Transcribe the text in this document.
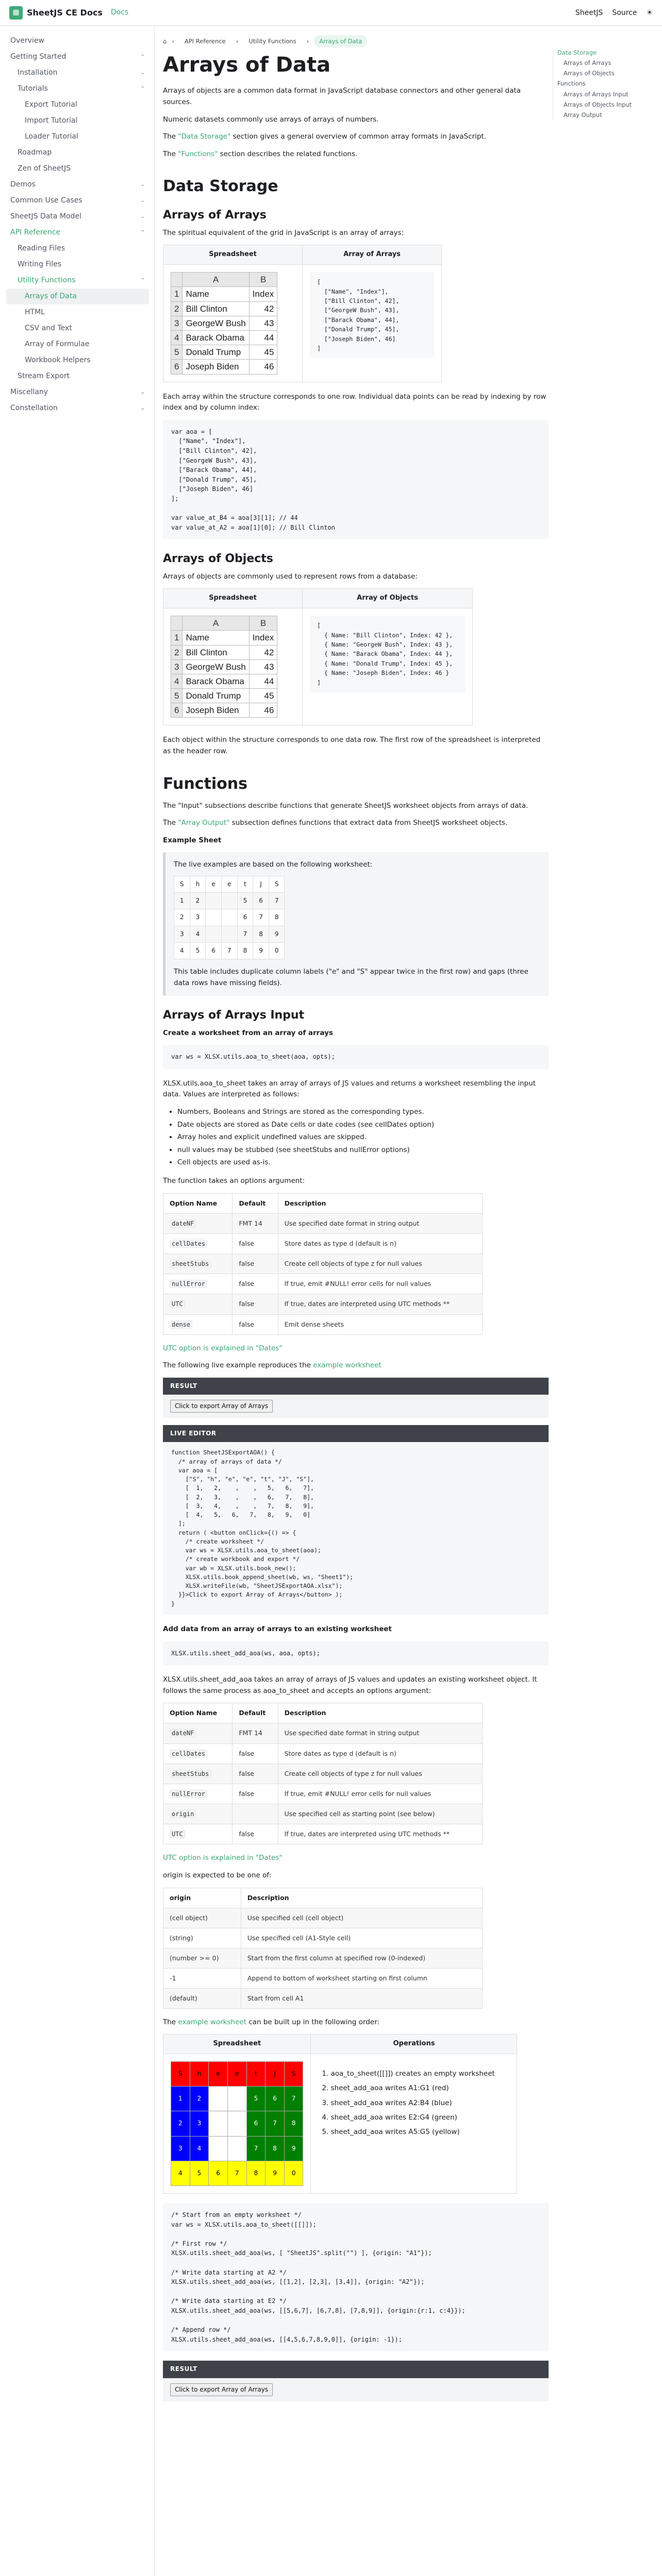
▦ SheetJS CE Docs Docs	SheetJS Source ☀
Overview
Getting Started	⌃
Installation	⌄
Tutorials	⌃
Export Tutorial
Import Tutorial
Loader Tutorial
Roadmap
Zen of SheetJS
Demos	⌄
Common Use Cases	⌄
SheetJS Data Model	⌄
API Reference	⌃
Reading Files
Writing Files
Utility Functions	⌃
Arrays of Data
HTML
CSV and Text
Array of Formulae
Workbook Helpers
Stream Export
Miscellany	⌄
Constellation	⌄
Data Storage
Arrays of Arrays
Arrays of Objects
Functions
Arrays of Arrays Input
Arrays of Objects Input
Array Output
⌂ ›	API Reference	›	Utility Functions	›	Arrays of Data
Arrays of Data

Arrays of objects are a common data format in JavaScript database connectors and other general data sources.

Numeric datasets commonly use arrays of arrays of numbers.

The "Data Storage" section gives a general overview of common array formats in JavaScript.

The "Functions" section describes the related functions.

Data Storage
Arrays of Arrays

The spiritual equivalent of the grid in JavaScript is an array of arrays:

Spreadsheet	Array of Arrays

	A	B
1	Name	Index
2	Bill Clinton	42
3	GeorgeW Bush	43
4	Barack Obama	44
5	Donald Trump	45
6	Joseph Biden	46

[
["Name", "Index"],
["Bill Clinton", 42],
["GeorgeW Bush", 43],
["Barack Obama", 44],
["Donald Trump", 45],
["Joseph Biden", 46]
]

Each array within the structure corresponds to one row. Individual data points can be read by indexing by row index and by column index:

var aoa = [
["Name", "Index"],
["Bill Clinton", 42],
["GeorgeW Bush", 43],
["Barack Obama", 44],
["Donald Trump", 45],
["Joseph Biden", 46]
];

var value_at_B4 = aoa[3][1]; // 44
var value_at_A2 = aoa[1][0]; // Bill Clinton
Arrays of Objects

Arrays of objects are commonly used to represent rows from a database:

Spreadsheet	Array of Objects

	A	B
1	Name	Index
2	Bill Clinton	42
3	GeorgeW Bush	43
4	Barack Obama	44
5	Donald Trump	45
6	Joseph Biden	46

[
{ Name: "Bill Clinton", Index: 42 },
{ Name: "GeorgeW Bush", Index: 43 },
{ Name: "Barack Obama", Index: 44 },
{ Name: "Donald Trump", Index: 45 },
{ Name: "Joseph Biden", Index: 46 }
]

Each object within the structure corresponds to one data row. The first row of the spreadsheet is interpreted as the header row.

Functions

The "Input" subsections describe functions that generate SheetJS worksheet objects from arrays of data.

The "Array Output" subsection defines functions that extract data from SheetJS worksheet objects.

Example Sheet

The live examples are based on the following worksheet:

S	h	e	e	t	J	S
1	2			5	6	7
2	3			6	7	8
3	4			7	8	9
4	5	6	7	8	9	0

This table includes duplicate column labels ("e" and "S" appear twice in the first row) and gaps (three data rows have missing fields).

Arrays of Arrays Input

Create a worksheet from an array of arrays

var ws = XLSX.utils.aoa_to_sheet(aoa, opts);

XLSX.utils.aoa_to_sheet takes an array of arrays of JS values and returns a worksheet resembling the input data. Values are interpreted as follows:

• Numbers, Booleans and Strings are stored as the corresponding types.
• Date objects are stored as Date cells or date codes (see cellDates option)
• Array holes and explicit undefined values are skipped.
• null values may be stubbed (see sheetStubs and nullError options)
• Cell objects are used as-is.

The function takes an options argument:

Option Name	Default	Description
dateNF	FMT 14	Use specified date format in string output
cellDates	false	Store dates as type d (default is n)
sheetStubs	false	Create cell objects of type z for null values
nullError	false	If true, emit #NULL! error cells for null values
UTC	false	If true, dates are interpreted using UTC methods **
dense	false	Emit dense sheets

UTC option is explained in "Dates"

The following live example reproduces the example worksheet

RESULT
Click to export Array of Arrays
LIVE EDITOR
function SheetJSExportAOA() {
/* array of arrays of data */
var aoa = [
["S", "h", "e", "e", "t", "J", "S"],
[  1,   2,    ,    ,   5,   6,   7],
[  2,   3,    ,    ,   6,   7,   8],
[  3,   4,    ,    ,   7,   8,   9],
[  4,   5,   6,   7,   8,   9,   0]
];
return ( <button onClick={() => {
/* create worksheet */
var ws = XLSX.utils.aoa_to_sheet(aoa);
/* create workbook and export */
var wb = XLSX.utils.book_new();
XLSX.utils.book_append_sheet(wb, ws, "Sheet1");
XLSX.writeFile(wb, "SheetJSExportAOA.xlsx");
}}>Click to export Array of Arrays</button> );
}

Add data from an array of arrays to an existing worksheet

XLSX.utils.sheet_add_aoa(ws, aoa, opts);

XLSX.utils.sheet_add_aoa takes an array of arrays of JS values and updates an existing worksheet object. It follows the same process as aoa_to_sheet and accepts an options argument:

Option Name	Default	Description
dateNF	FMT 14	Use specified date format in string output
cellDates	false	Store dates as type d (default is n)
sheetStubs	false	Create cell objects of type z for null values
nullError	false	If true, emit #NULL! error cells for null values
origin		Use specified cell as starting point (see below)
UTC	false	If true, dates are interpreted using UTC methods **

UTC option is explained in "Dates"

origin is expected to be one of:

origin	Description
(cell object)	Use specified cell (cell object)
(string)	Use specified cell (A1-Style cell)
(number >= 0)	Start from the first column at specified row (0-indexed)
-1	Append to bottom of worksheet starting on first column
(default)	Start from cell A1

The example worksheet can be built up in the following order:

Spreadsheet	Operations

S	h	e	e	t	J	S
1	2			5	6	7
2	3			6	7	8
3	4			7	8	9
4	5	6	7	8	9	0

1. aoa_to_sheet([[]]) creates an empty worksheet
2. sheet_add_aoa writes A1:G1 (red)
3. sheet_add_aoa writes A2:B4 (blue)
4. sheet_add_aoa writes E2:G4 (green)
5. sheet_add_aoa writes A5:G5 (yellow)
/* Start from an empty worksheet */
var ws = XLSX.utils.aoa_to_sheet([[]]);

/* First row */
XLSX.utils.sheet_add_aoa(ws, [ "SheetJS".split("") ], {origin: "A1"});

/* Write data starting at A2 */
XLSX.utils.sheet_add_aoa(ws, [[1,2], [2,3], [3,4]], {origin: "A2"});

/* Write data starting at E2 */
XLSX.utils.sheet_add_aoa(ws, [[5,6,7], [6,7,8], [7,8,9]], {origin:{r:1, c:4}});

/* Append row */
XLSX.utils.sheet_add_aoa(ws, [[4,5,6,7,8,9,0]], {origin: -1});
RESULT
Click to export Array of Arrays
